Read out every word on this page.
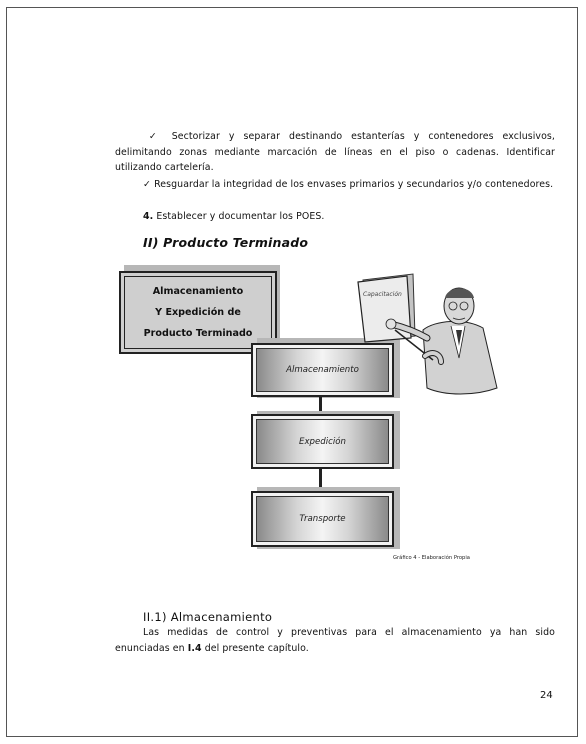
✓ Sectorizar y separar destinando estanterías y contenedores exclusivos, delimitando zonas mediante marcación de líneas en el piso o cadenas. Identificar utilizando cartelería.
✓ Resguardar la integridad de los envases primarios y secundarios y/o contenedores.
4. Establecer y documentar los POES.
II) Producto Terminado
Almacenamiento
Y Expedición de
Producto Terminado
Almacenamiento
Expedición
Transporte
Capacitación
Gráfico 4 - Elaboración Propia
II.1) Almacenamiento
Las medidas de control y preventivas para el almacenamiento ya han sido enunciadas en I.4 del presente capítulo.
24
